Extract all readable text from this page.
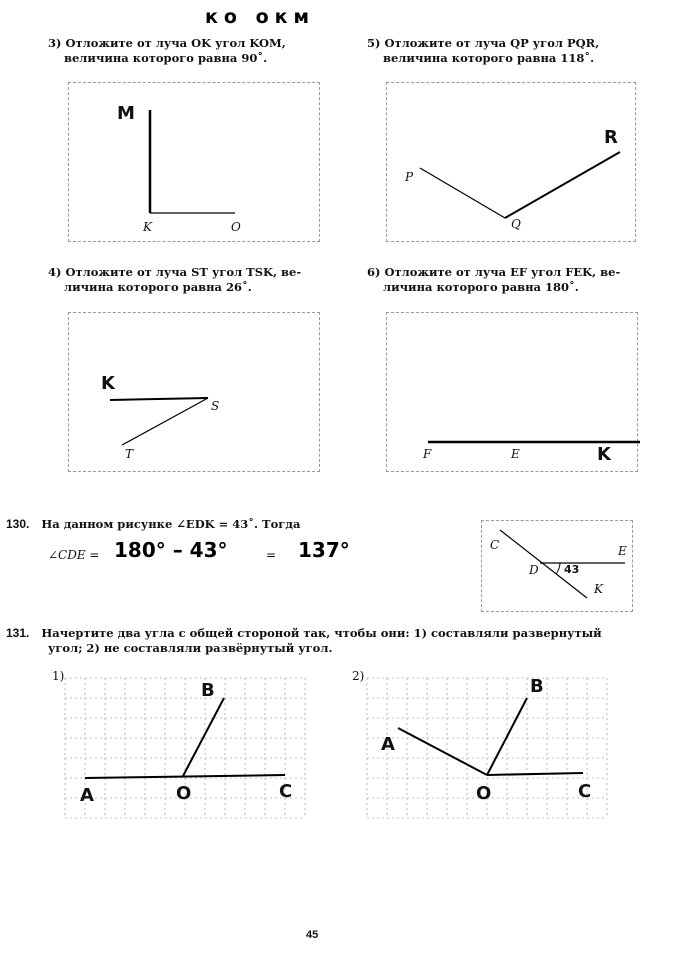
ко окм
3) Отложите от луча OK угол KOM,
величина которого равна 90˚.
M
K	O
5) Отложите от луча QP угол PQR,
величина которого равна 118˚.
R
P
Q
4) Отложите от луча ST угол TSK, ве-
личина которого равна 26˚.
K
S
T
6) Отложите от луча EF угол FEK, ве-
личина которого равна 180˚.
F	E	K
130. На данном рисунке ∠EDK = 43˚. Тогда
∠CDE = 180° – 43°	= 137°	C	E
D
K
43
131. Начертите два угла с общей стороной так, чтобы они: 1) составляли развернутый
угол; 2) не составляли развёрнутый угол.
1)	2)
A	O	C
B
A
O	C
B
45
